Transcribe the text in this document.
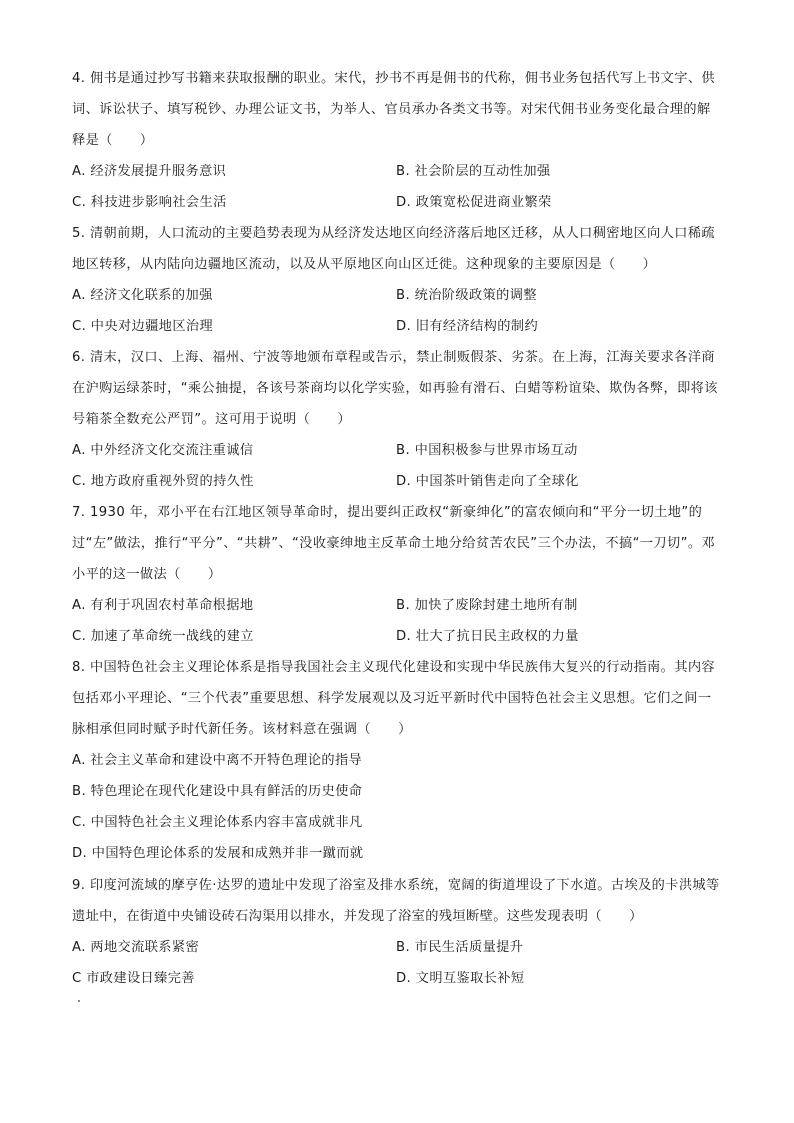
4. 佣书是通过抄写书籍来获取报酬的职业。宋代，抄书不再是佣书的代称，佣书业务包括代写上书文字、供词、诉讼状子、填写税钞、办理公证文书，为举人、官员承办各类文书等。对宋代佣书业务变化最合理的解释是（　　）

A. 经济发展提升服务意识	B. 社会阶层的互动性加强
C. 科技进步影响社会生活	D. 政策宽松促进商业繁荣

5. 清朝前期，人口流动的主要趋势表现为从经济发达地区向经济落后地区迁移，从人口稠密地区向人口稀疏地区转移，从内陆向边疆地区流动，以及从平原地区向山区迁徙。这种现象的主要原因是（　　）

A. 经济文化联系的加强	B. 统治阶级政策的调整
C. 中央对边疆地区治理	D. 旧有经济结构的制约

6. 清末，汉口、上海、福州、宁波等地颁布章程或告示，禁止制贩假茶、劣茶。在上海，江海关要求各洋商在沪购运绿茶时，“乘公抽提，各该号茶商均以化学实验，如再验有滑石、白蜡等粉谊染、欺伪各弊，即将该号箱茶全数充公严罚”。这可用于说明（　　）

A. 中外经济文化交流注重诚信	B. 中国积极参与世界市场互动
C. 地方政府重视外贸的持久性	D. 中国茶叶销售走向了全球化

7. 1930 年，邓小平在右江地区领导革命时，提出要纠正政权“新豪绅化”的富农倾向和“平分一切土地”的过“左”做法，推行“平分”、“共耕”、“没收豪绅地主反革命土地分给贫苦农民”三个办法，不搞“一刀切”。邓小平的这一做法（　　）

A. 有利于巩固农村革命根据地	B. 加快了废除封建土地所有制
C. 加速了革命统一战线的建立	D. 壮大了抗日民主政权的力量

8. 中国特色社会主义理论体系是指导我国社会主义现代化建设和实现中华民族伟大复兴的行动指南。其内容包括邓小平理论、“三个代表”重要思想、科学发展观以及习近平新时代中国特色社会主义思想。它们之间一脉相承但同时赋予时代新任务。该材料意在强调（　　）

A. 社会主义革命和建设中离不开特色理论的指导
B. 特色理论在现代化建设中具有鲜活的历史使命
C. 中国特色社会主义理论体系内容丰富成就非凡
D. 中国特色理论体系的发展和成熟并非一蹴而就

9. 印度河流域的摩亨佐·达罗的遗址中发现了浴室及排水系统，宽阔的街道埋设了下水道。古埃及的卡洪城等遗址中，在街道中央铺设砖石沟渠用以排水，并发现了浴室的残垣断壁。这些发现表明（　　）

A. 两地交流联系紧密	B. 市民生活质量提升
C 市政建设日臻完善	D. 文明互鉴取长补短
